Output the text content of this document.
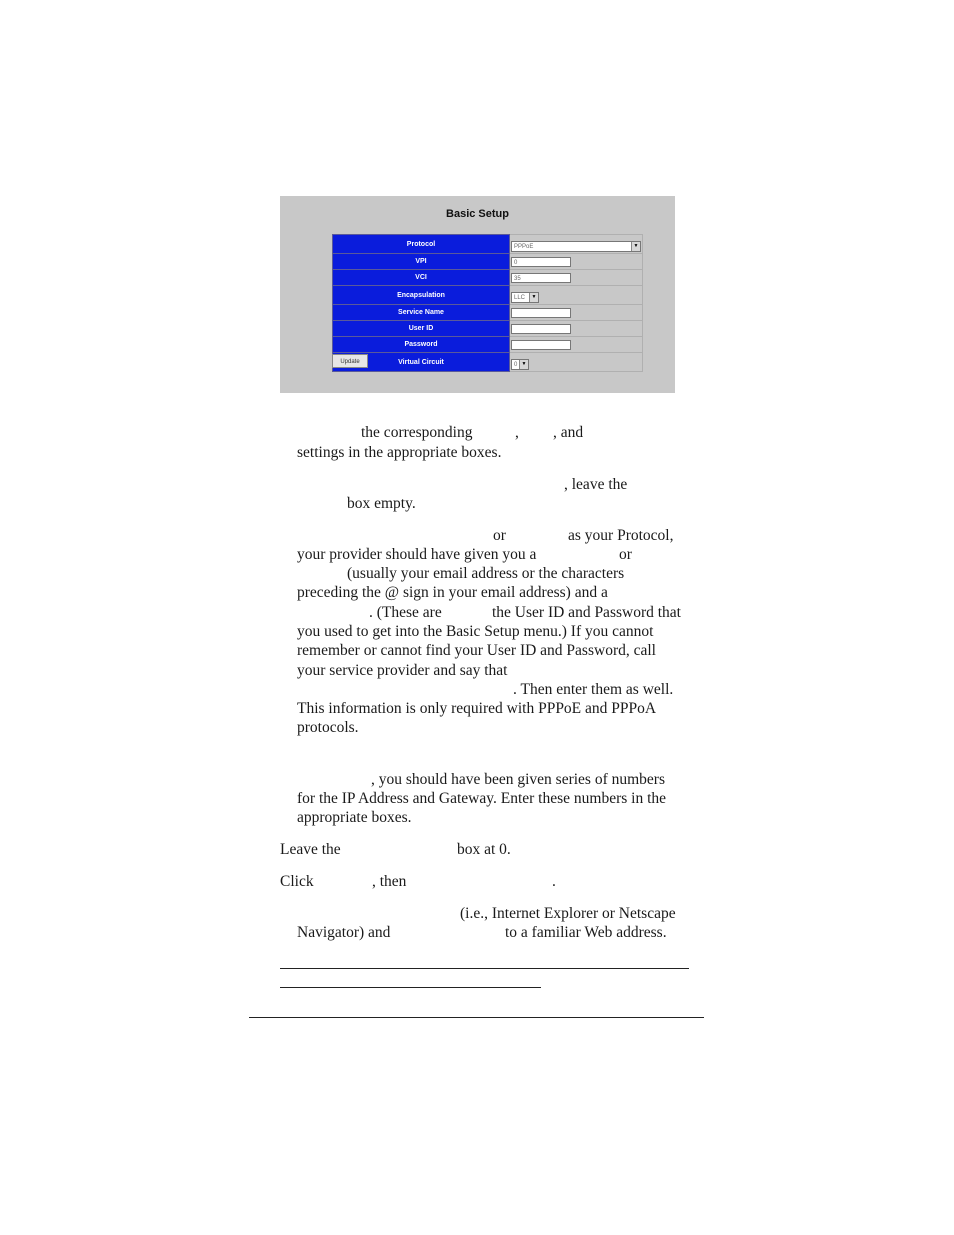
Basic Setup
Protocol	PPPoE ▼

VPI	0

VCI	35

Encapsulation	LLC ▼

Service Name	

User ID	

Password	

Virtual Circuit	0 ▼
Update
the corresponding	, , and
settings in the appropriate boxes.
, leave the
box empty.
or	as your Protocol,
your provider should have given you a	or
(usually your email address or the characters
preceding the @ sign in your email address) and a
. (These are	the User ID and Password that
you used to get into the Basic Setup menu.) If you cannot
remember or cannot find your User ID and Password, call
your service provider and say that
. Then enter them as well.
This information is only required with PPPoE and PPPoA
protocols.
, you should have been given series of numbers
for the IP Address and Gateway. Enter these numbers in the
appropriate boxes.
Leave the	box at 0.
Click	, then	.
(i.e., Internet Explorer or Netscape
Navigator) and	to a familiar Web address.
